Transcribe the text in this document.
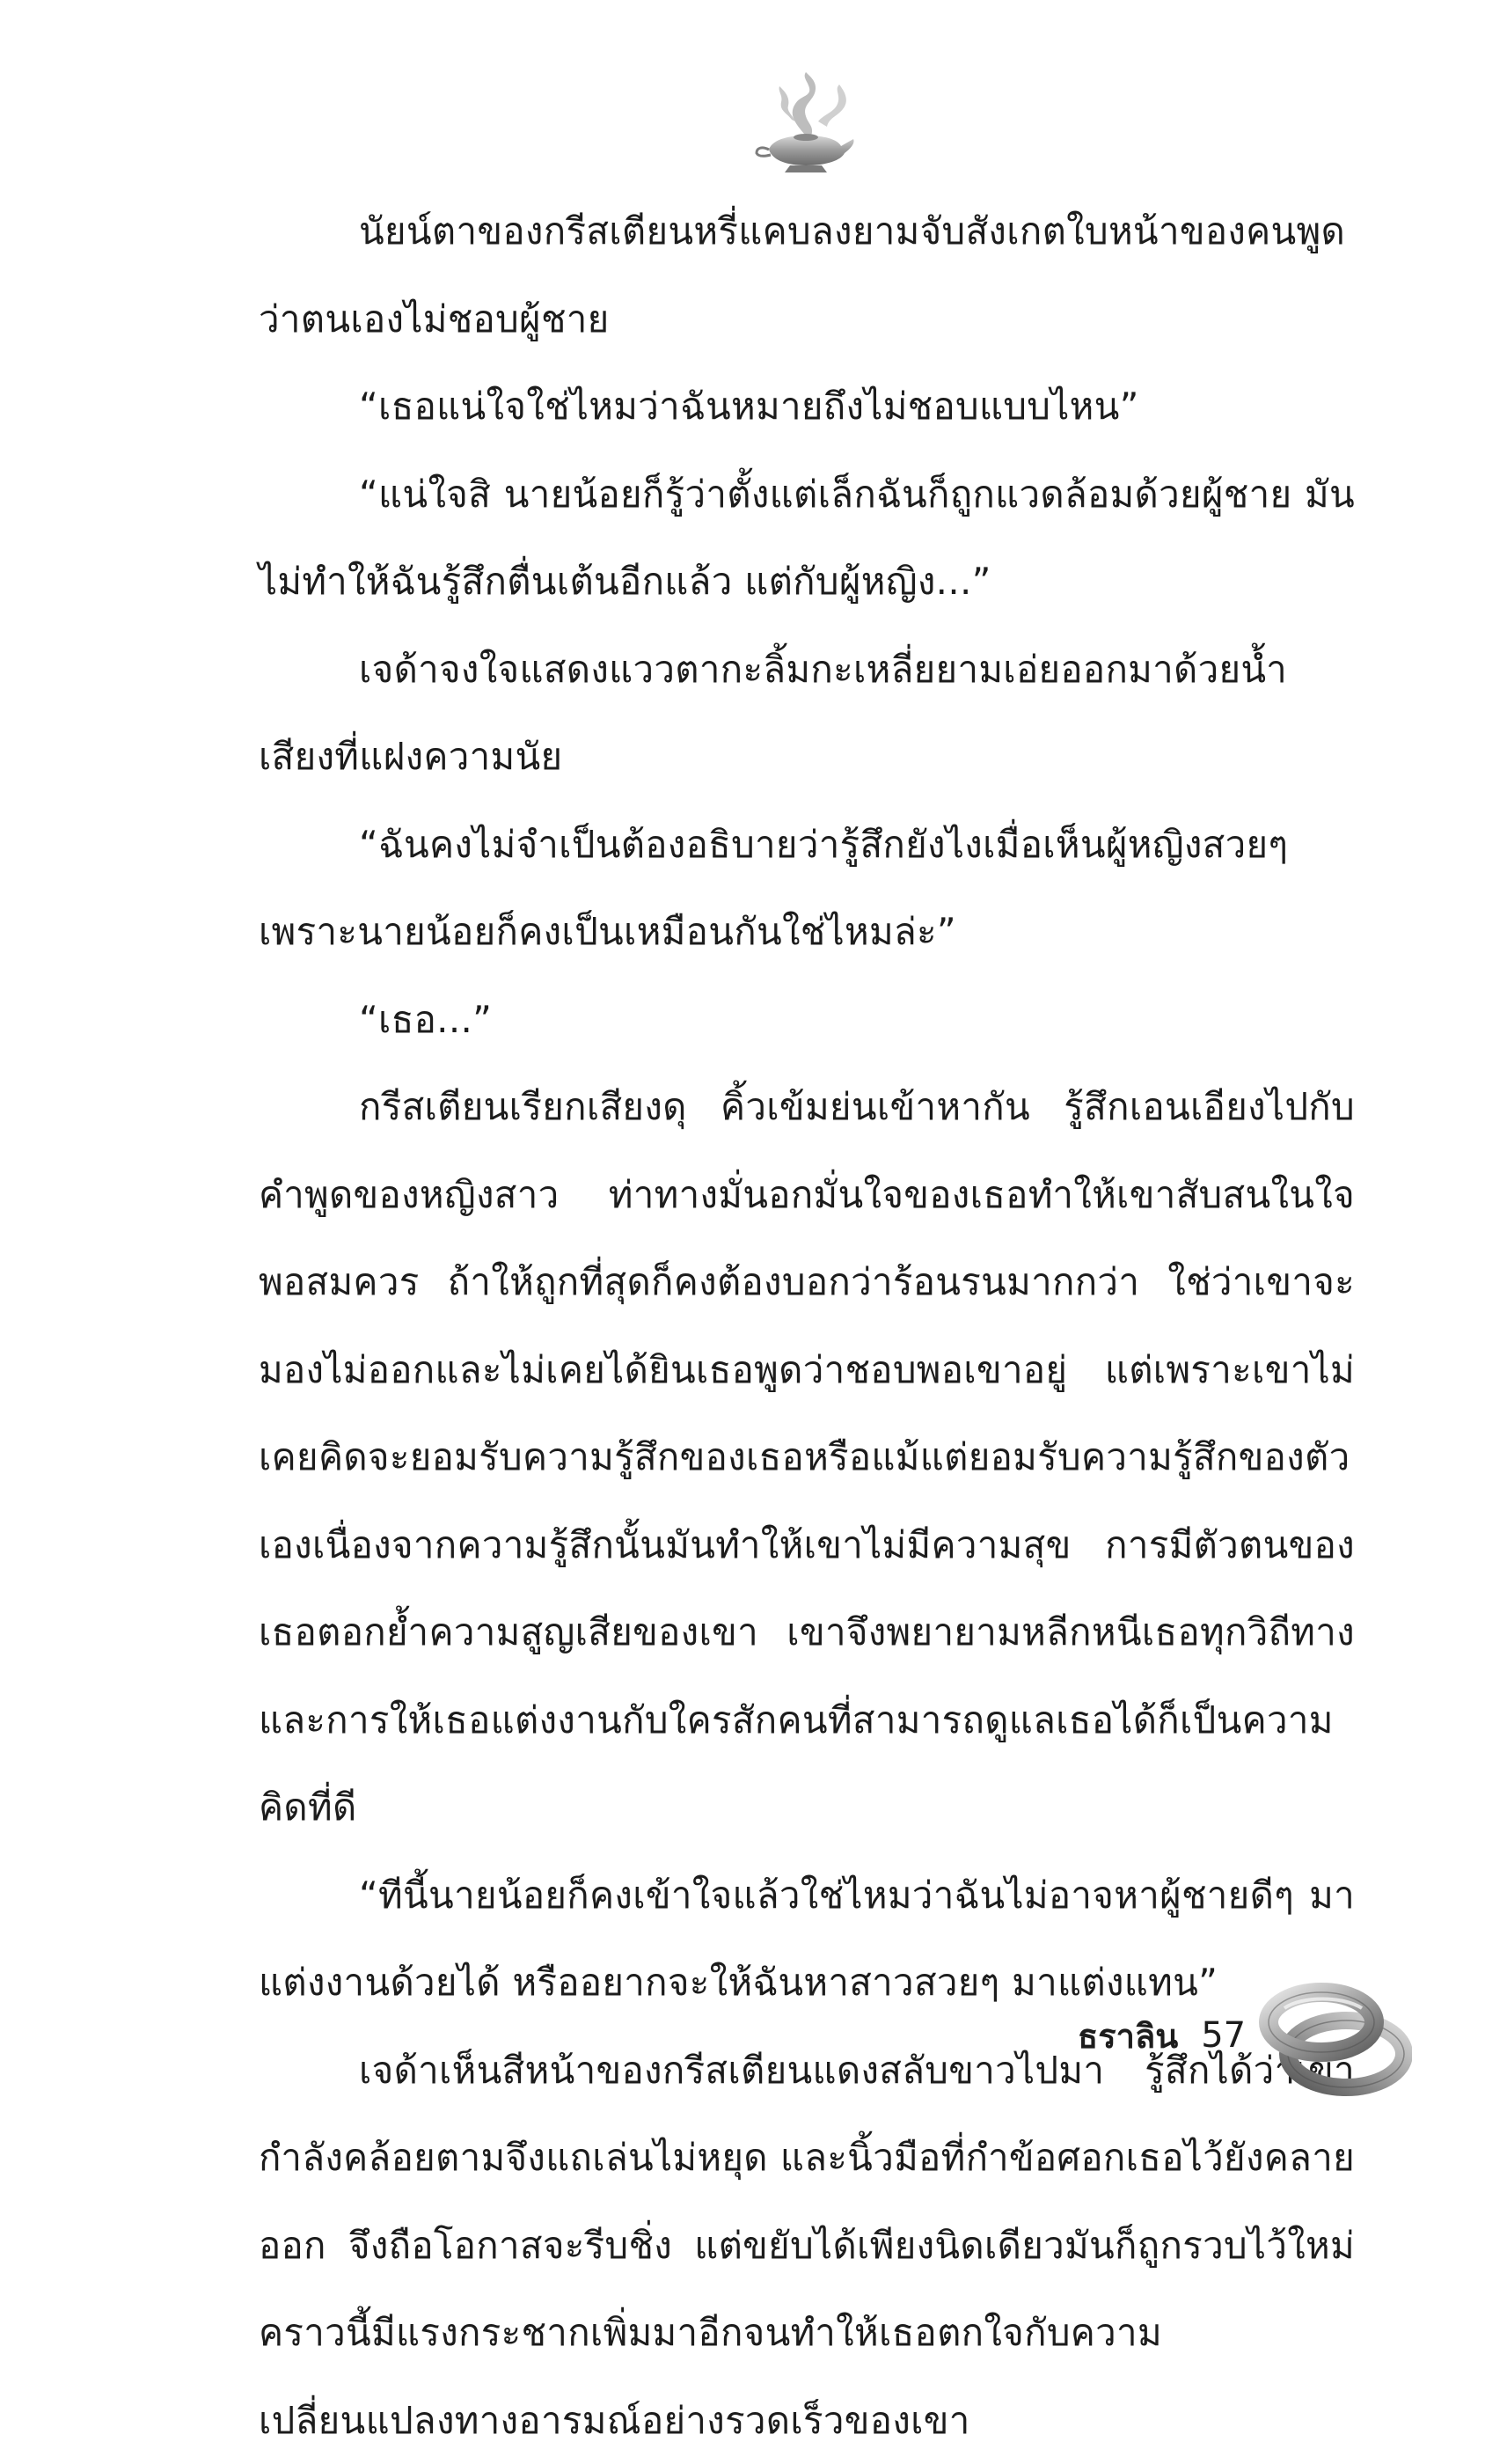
นัยน์ตาของกรีสเตียนหรี่แคบลงยามจับสังเกตใบหน้าของคนพูดว่าตนเองไม่ชอบผู้ชาย

“เธอแน่ใจใช่ไหมว่าฉันหมายถึงไม่ชอบแบบไหน”

“แน่ใจสิ นายน้อยก็รู้ว่าตั้งแต่เล็กฉันก็ถูกแวดล้อมด้วยผู้ชาย มันไม่ทำให้ฉันรู้สึกตื่นเต้นอีกแล้ว แต่กับผู้หญิง...”

เจด้าจงใจแสดงแววตากะลิ้มกะเหลี่ยยามเอ่ยออกมาด้วยน้ำเสียงที่แฝงความนัย

“ฉันคงไม่จำเป็นต้องอธิบายว่ารู้สึกยังไงเมื่อเห็นผู้หญิงสวยๆ เพราะนายน้อยก็คงเป็นเหมือนกันใช่ไหมล่ะ”

“เธอ...”

กรีสเตียนเรียกเสียงดุ คิ้วเข้มย่นเข้าหากัน รู้สึกเอนเอียงไปกับคำพูดของหญิงสาว ท่าทางมั่นอกมั่นใจของเธอทำให้เขาสับสนในใจพอสมควร ถ้าให้ถูกที่สุดก็คงต้องบอกว่าร้อนรนมากกว่า ใช่ว่าเขาจะมองไม่ออกและไม่เคยได้ยินเธอพูดว่าชอบพอเขาอยู่ แต่เพราะเขาไม่เคยคิดจะยอมรับความรู้สึกของเธอหรือแม้แต่ยอมรับความรู้สึกของตัวเองเนื่องจากความรู้สึกนั้นมันทำให้เขาไม่มีความสุข การมีตัวตนของเธอตอกย้ำความสูญเสียของเขา เขาจึงพยายามหลีกหนีเธอทุกวิถีทางและการให้เธอแต่งงานกับใครสักคนที่สามารถดูแลเธอได้ก็เป็นความคิดที่ดี

“ทีนี้นายน้อยก็คงเข้าใจแล้วใช่ไหมว่าฉันไม่อาจหาผู้ชายดีๆ มาแต่งงานด้วยได้ หรืออยากจะให้ฉันหาสาวสวยๆ มาแต่งแทน”

เจด้าเห็นสีหน้าของกรีสเตียนแดงสลับขาวไปมา รู้สึกได้ว่าเขากำลังคล้อยตามจึงแถเล่นไม่หยุด และนิ้วมือที่กำข้อศอกเธอไว้ยังคลายออก จึงถือโอกาสจะรีบชิ่ง แต่ขยับได้เพียงนิดเดียวมันก็ถูกรวบไว้ใหม่ คราวนี้มีแรงกระชากเพิ่มมาอีกจนทำให้เธอตกใจกับความเปลี่ยนแปลงทางอารมณ์อย่างรวดเร็วของเขา

ธราลิน 57
